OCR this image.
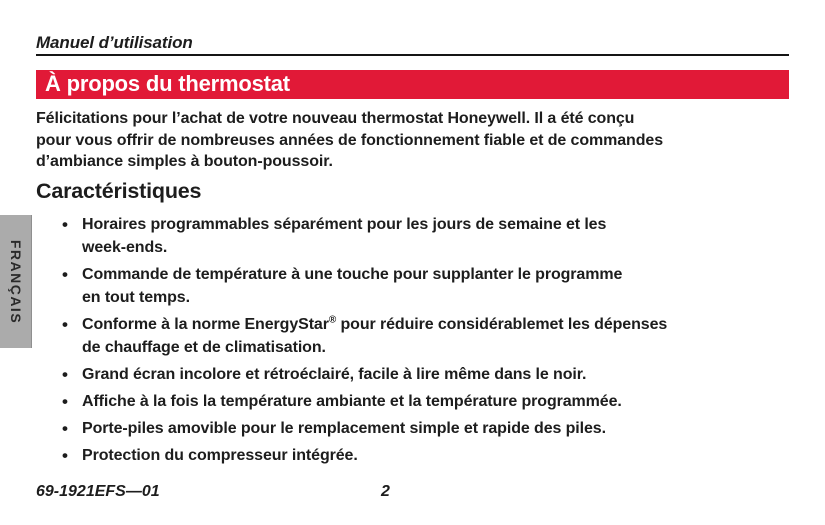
Manuel d’utilisation
À propos du thermostat
Félicitations pour l’achat de votre nouveau thermostat Honeywell. Il a été conçu
pour vous offrir de nombreuses années de fonctionnement fiable et de commandes
d’ambiance simples à bouton-poussoir.
Caractéristiques
• Horaires programmables séparément pour les jours de semaine et les
week-ends.
• Commande de température à une touche pour supplanter le programme
en tout temps.
• Conforme à la norme EnergyStar® pour réduire considérablemet les dépenses
de chauffage et de climatisation.
• Grand écran incolore et rétroéclairé, facile à lire même dans le noir.
• Affiche à la fois la température ambiante et la température programmée.
• Porte-piles amovible pour le remplacement simple et rapide des piles.
• Protection du compresseur intégrée.
FRANÇAIS
69-1921EFS—01	2
